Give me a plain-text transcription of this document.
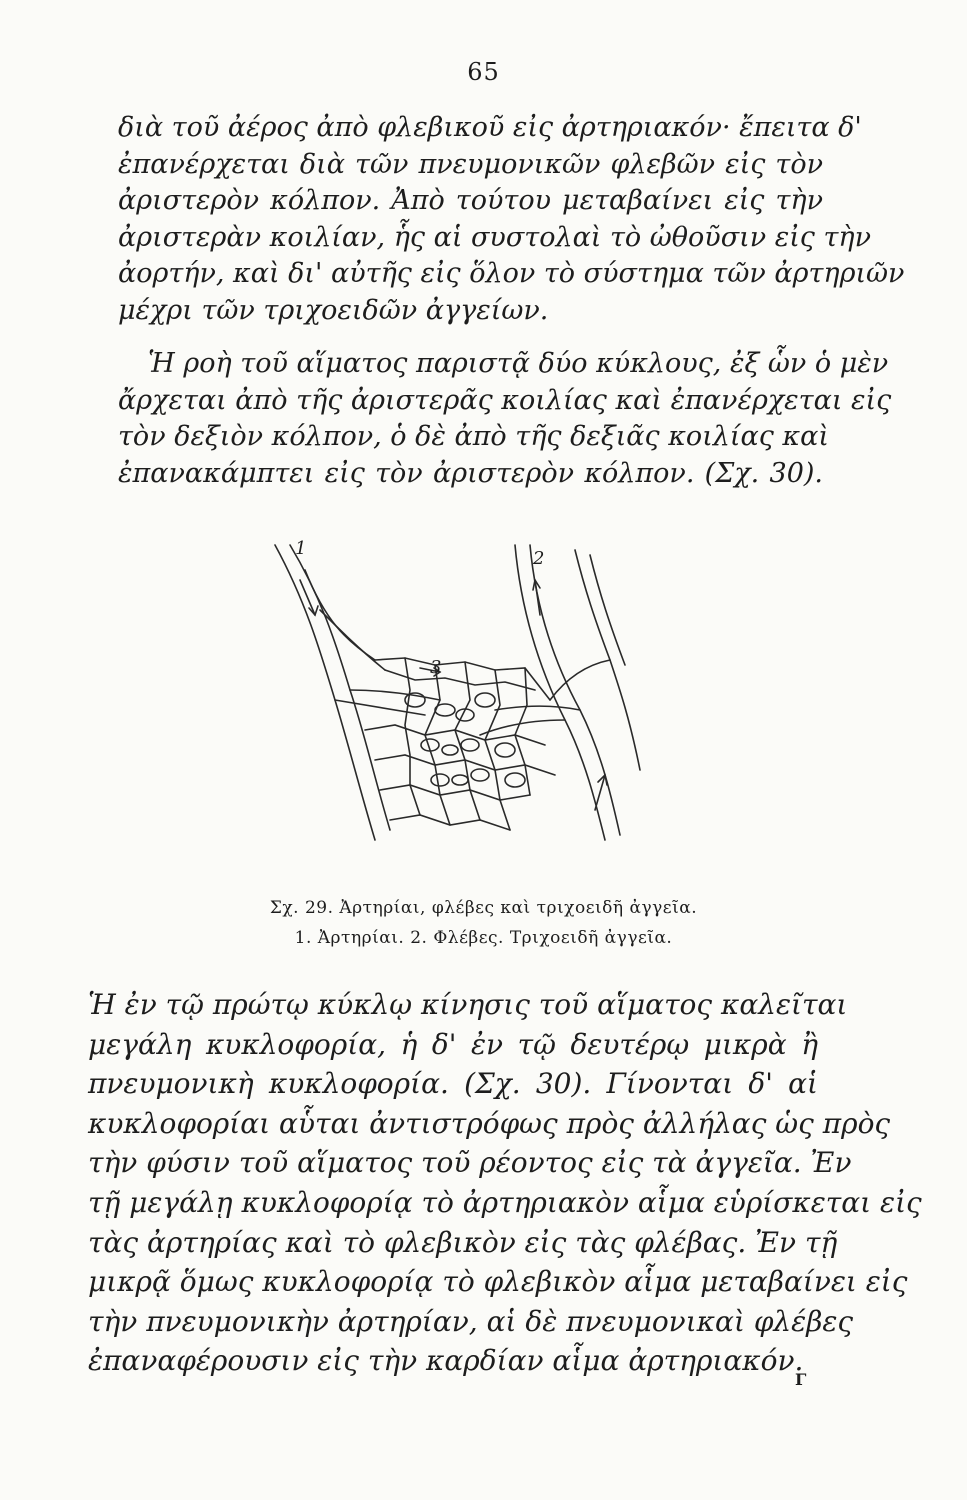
65
διὰ τοῦ ἀέρος ἀπὸ φλεβικοῦ εἰς ἀρτηριακόν· ἔπειτα δ'
ἐπανέρχεται διὰ τῶν πνευμονικῶν φλεβῶν εἰς τὸν
ἀριστερὸν κόλπον. Ἀπὸ τούτου μεταβαίνει εἰς τὴν
ἀριστερὰν κοιλίαν, ἧς αἱ συστολαὶ τὸ ὠθοῦσιν εἰς τὴν
ἀορτήν, καὶ δι' αὐτῆς εἰς ὅλον τὸ σύστημα τῶν ἀρτηριῶν
μέχρι τῶν τριχοειδῶν ἀγγείων.
Ἡ ροὴ τοῦ αἵματος παριστᾷ δύο κύκλους, ἐξ ὧν ὁ μὲν
ἄρχεται ἀπὸ τῆς ἀριστερᾶς κοιλίας καὶ ἐπανέρχεται εἰς
τὸν δεξιὸν κόλπον, ὁ δὲ ἀπὸ τῆς δεξιᾶς κοιλίας καὶ
ἐπανακάμπτει εἰς τὸν ἀριστερὸν κόλπον. (Σχ. 30).
1	2
3
Σχ. 29. Ἀρτηρίαι, φλέβες καὶ τριχοειδῆ ἀγγεῖα.
1. Ἀρτηρίαι. 2. Φλέβες. Τριχοειδῆ ἀγγεῖα.
Ἡ ἐν τῷ πρώτῳ κύκλῳ κίνησις τοῦ αἵματος καλεῖται
μεγάλη κυκλοφορία, ἡ δ' ἐν τῷ δευτέρῳ μικρὰ ἢ
πνευμονικὴ κυκλοφορία. (Σχ. 30). Γίνονται δ' αἱ
κυκλοφορίαι αὗται ἀντιστρόφως πρὸς ἀλλήλας ὡς πρὸς
τὴν φύσιν τοῦ αἵματος τοῦ ρέοντος εἰς τὰ ἀγγεῖα. Ἐν
τῇ μεγάλῃ κυκλοφορίᾳ τὸ ἀρτηριακὸν αἷμα εὑρίσκεται εἰς
τὰς ἀρτηρίας καὶ τὸ φλεβικὸν εἰς τὰς φλέβας. Ἐν τῇ
μικρᾷ ὅμως κυκλοφορίᾳ τὸ φλεβικὸν αἷμα μεταβαίνει εἰς
τὴν πνευμονικὴν ἀρτηρίαν, αἱ δὲ πνευμονικαὶ φλέβες
ἐπαναφέρουσιν εἰς τὴν καρδίαν αἷμα ἀρτηριακόν.
Γ
